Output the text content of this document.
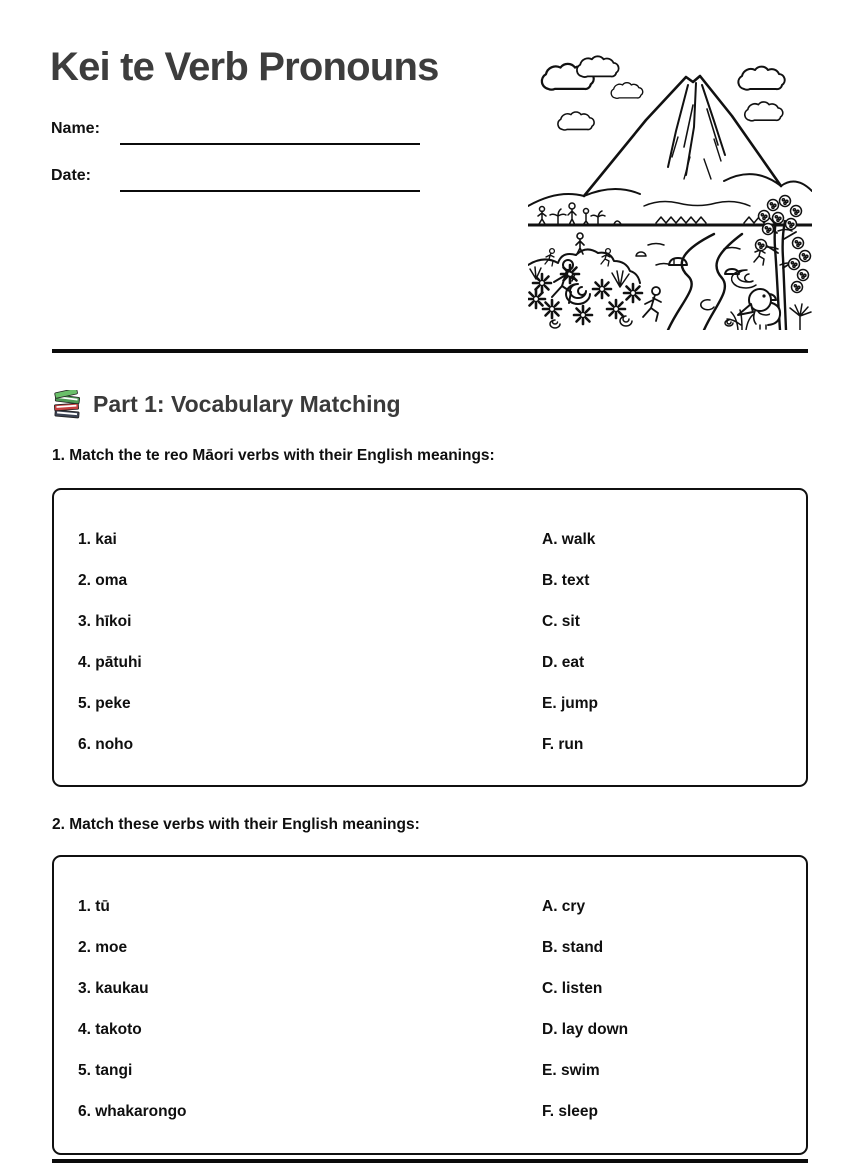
Kei te Verb Pronouns
Name:
Date:
Part 1: Vocabulary Matching

1. Match the te reo Māori verbs with their English meanings:

1. kai	A. walk
2. oma	B. text
3. hīkoi	C. sit
4. pātuhi	D. eat
5. peke	E. jump
6. noho	F. run

2. Match these verbs with their English meanings:

1. tū	A. cry
2. moe	B. stand
3. kaukau	C. listen
4. takoto	D. lay down
5. tangi	E. swim
6. whakarongo	F. sleep
